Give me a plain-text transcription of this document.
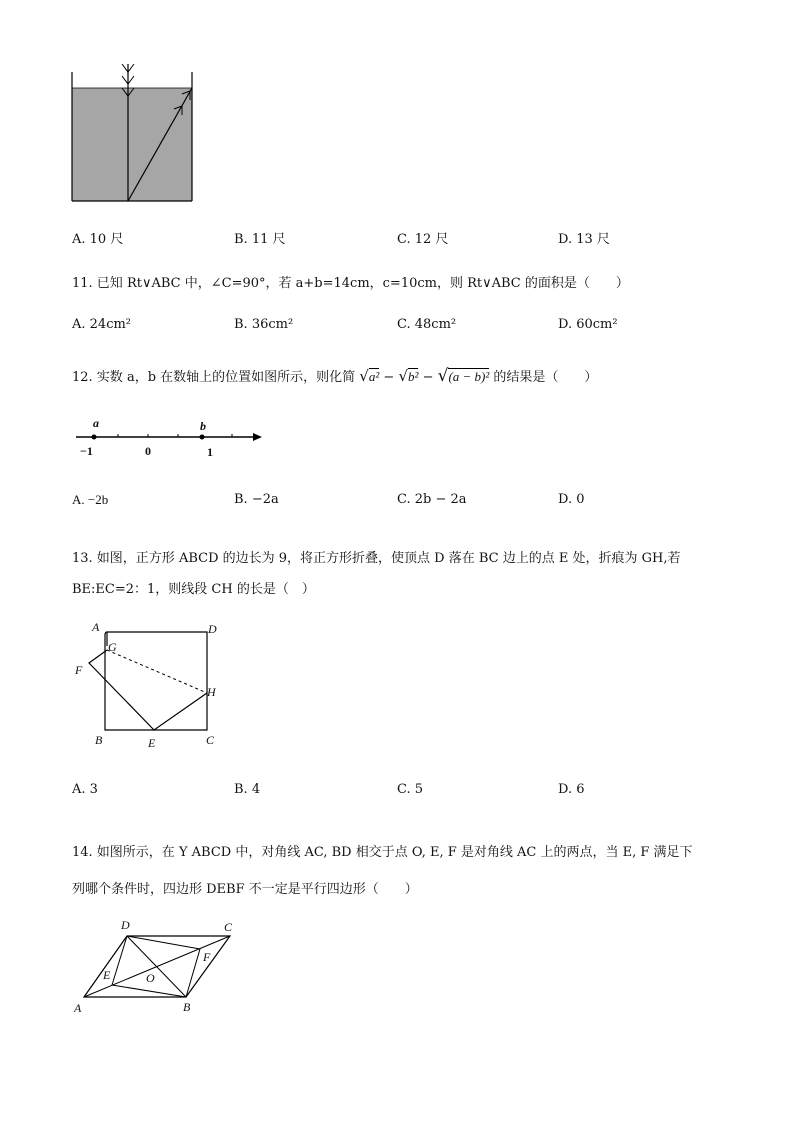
A. 10 尺	B. 11 尺	C. 12 尺	D. 13 尺
11. 已知 Rt∨ABC 中，∠C=90°，若 a+b=14cm，c=10cm，则 Rt∨ABC 的面积是（　　）
A. 24cm²	B. 36cm²	C. 48cm²	D. 60cm²
12. 实数 a，b 在数轴上的位置如图所示，则化简 √a² − √b² − √(a − b)² 的结果是（　　）
a	b
−1	0	1
A. −2b	B. −2a	C. 2b − 2a	D. 0
13. 如图，正方形 ABCD 的边长为 9，将正方形折叠，使顶点 D 落在 BC 边上的点 E 处，折痕为 GH,若
BE:EC=2：1，则线段 CH 的长是（　）
A	D
G
F
H
B	E	C
A. 3	B. 4	C. 5	D. 6
14. 如图所示，在 Y ABCD 中，对角线 AC, BD 相交于点 O, E, F 是对角线 AC 上的两点，当 E, F 满足下
列哪个条件时，四边形 DEBF 不一定是平行四边形（　　）
D	C
F
E	O
A	B
